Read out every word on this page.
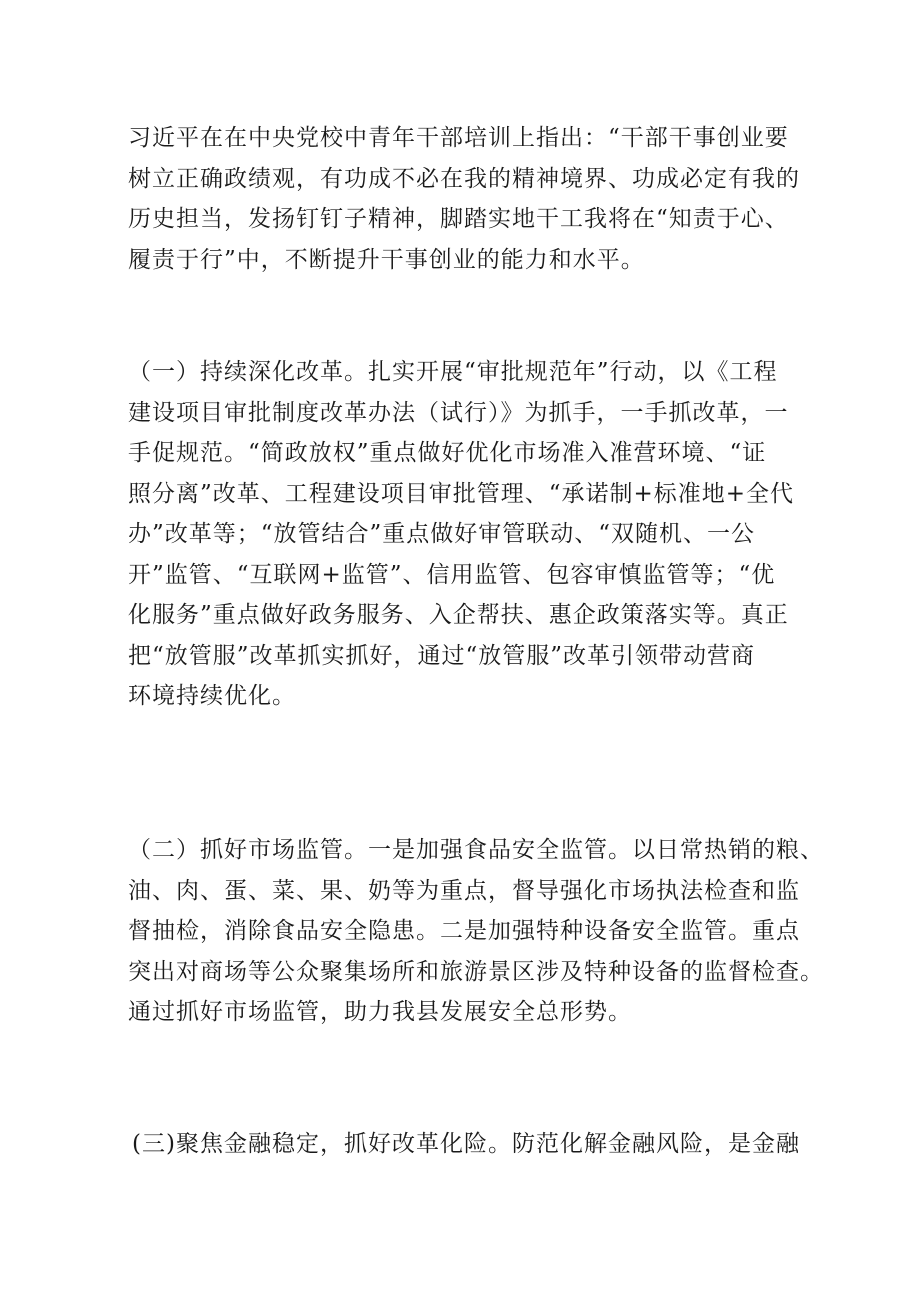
习近平在在中央党校中青年干部培训上指出：“干部干事创业要
树立正确政绩观，有功成不必在我的精神境界、功成必定有我的
历史担当，发扬钉钉子精神，脚踏实地干工我将在“知责于心、
履责于行”中，不断提升干事创业的能力和水平。

（一）持续深化改革。扎实开展“审批规范年”行动，以《工程
建设项目审批制度改革办法（试行）》为抓手，一手抓改革，一
手促规范。“简政放权”重点做好优化市场准入准营环境、“证
照分离”改革、工程建设项目审批管理、“承诺制+标准地+全代
办”改革等；“放管结合”重点做好审管联动、“双随机、一公
开”监管、“互联网+监管”、信用监管、包容审慎监管等；“优
化服务”重点做好政务服务、入企帮扶、惠企政策落实等。真正
把“放管服”改革抓实抓好，通过“放管服”改革引领带动营商
环境持续优化。

（二）抓好市场监管。一是加强食品安全监管。以日常热销的粮、
油、肉、蛋、菜、果、奶等为重点，督导强化市场执法检查和监
督抽检，消除食品安全隐患。二是加强特种设备安全监管。重点
突出对商场等公众聚集场所和旅游景区涉及特种设备的监督检查。
通过抓好市场监管，助力我县发展安全总形势。

(三)聚焦金融稳定，抓好改革化险。防范化解金融风险，是金融
